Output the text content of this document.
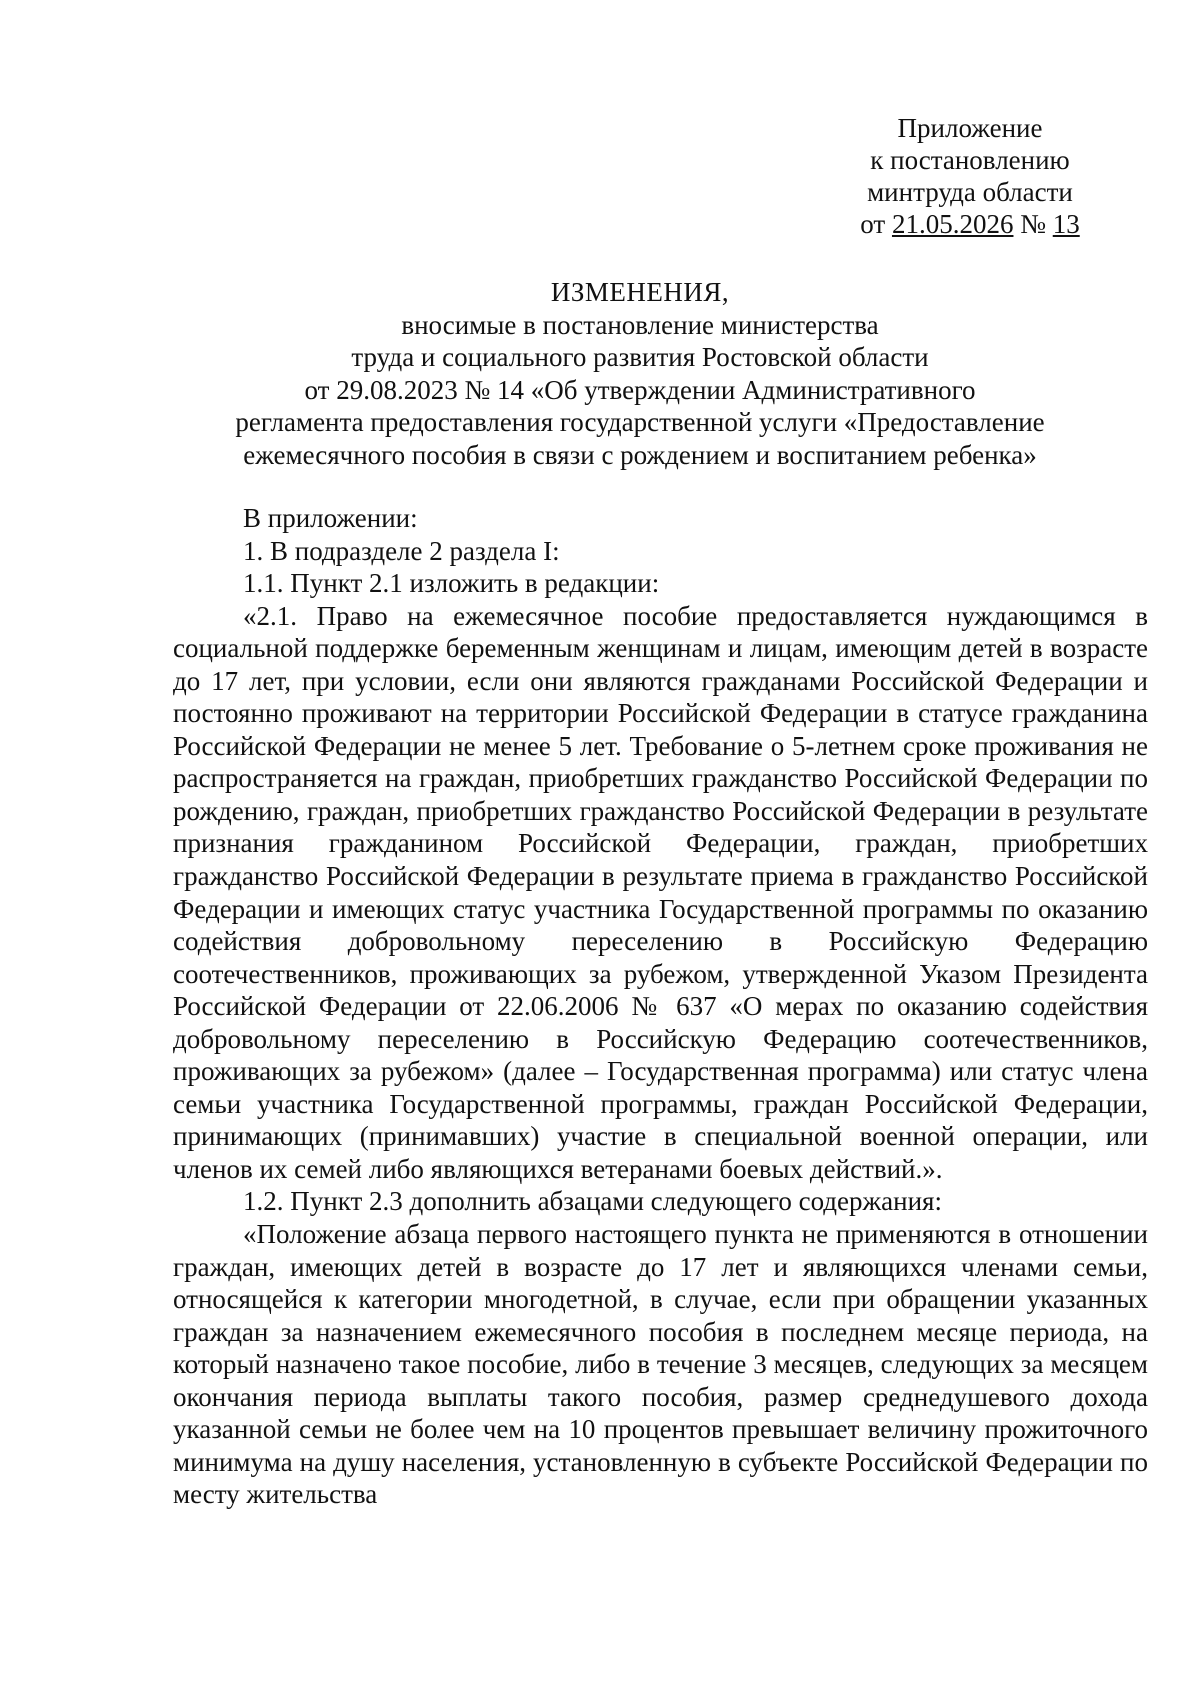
Приложение
к постановлению
минтруда области
от 21.05.2026 № 13
ИЗМЕНЕНИЯ,
вносимые в постановление министерства
труда и социального развития Ростовской области
от 29.08.2023 № 14 «Об утверждении Административного
регламента предоставления государственной услуги «Предоставление
ежемесячного пособия в связи с рождением и воспитанием ребенка»

В приложении:

1. В подразделе 2 раздела I:

1.1. Пункт 2.1 изложить в редакции:

«2.1. Право на ежемесячное пособие предоставляется нуждающимся в социальной поддержке беременным женщинам и лицам, имеющим детей в возрасте до 17 лет, при условии, если они являются гражданами Российской Федерации и постоянно проживают на территории Российской Федерации в статусе гражданина Российской Федерации не менее 5 лет. Требование о 5-летнем сроке проживания не распространяется на граждан, приобретших гражданство Российской Федерации по рождению, граждан, приобретших гражданство Российской Федерации в результате признания гражданином Российской Федерации, граждан, приобретших гражданство Российской Федерации в результате приема в гражданство Российской Федерации и имеющих статус участника Государственной программы по оказанию содействия добровольному переселению в Российскую Федерацию соотечественников, проживающих за рубежом, утвержденной Указом Президента Российской Федерации от 22.06.2006 № 637 «О мерах по оказанию содействия добровольному переселению в Российскую Федерацию соотечественников, проживающих за рубежом» (далее – Государственная программа) или статус члена семьи участника Государственной программы, граждан Российской Федерации, принимающих (принимавших) участие в специальной военной операции, или членов их семей либо являющихся ветеранами боевых действий.».

1.2. Пункт 2.3 дополнить абзацами следующего содержания:

«Положение абзаца первого настоящего пункта не применяются в отношении граждан, имеющих детей в возрасте до 17 лет и являющихся членами семьи, относящейся к категории многодетной, в случае, если при обращении указанных граждан за назначением ежемесячного пособия в последнем месяце периода, на который назначено такое пособие, либо в течение 3 месяцев, следующих за месяцем окончания периода выплаты такого пособия, размер среднедушевого дохода указанной семьи не более чем на 10 процентов превышает величину прожиточного минимума на душу населения, установленную в субъекте Российской Федерации по месту жительства
